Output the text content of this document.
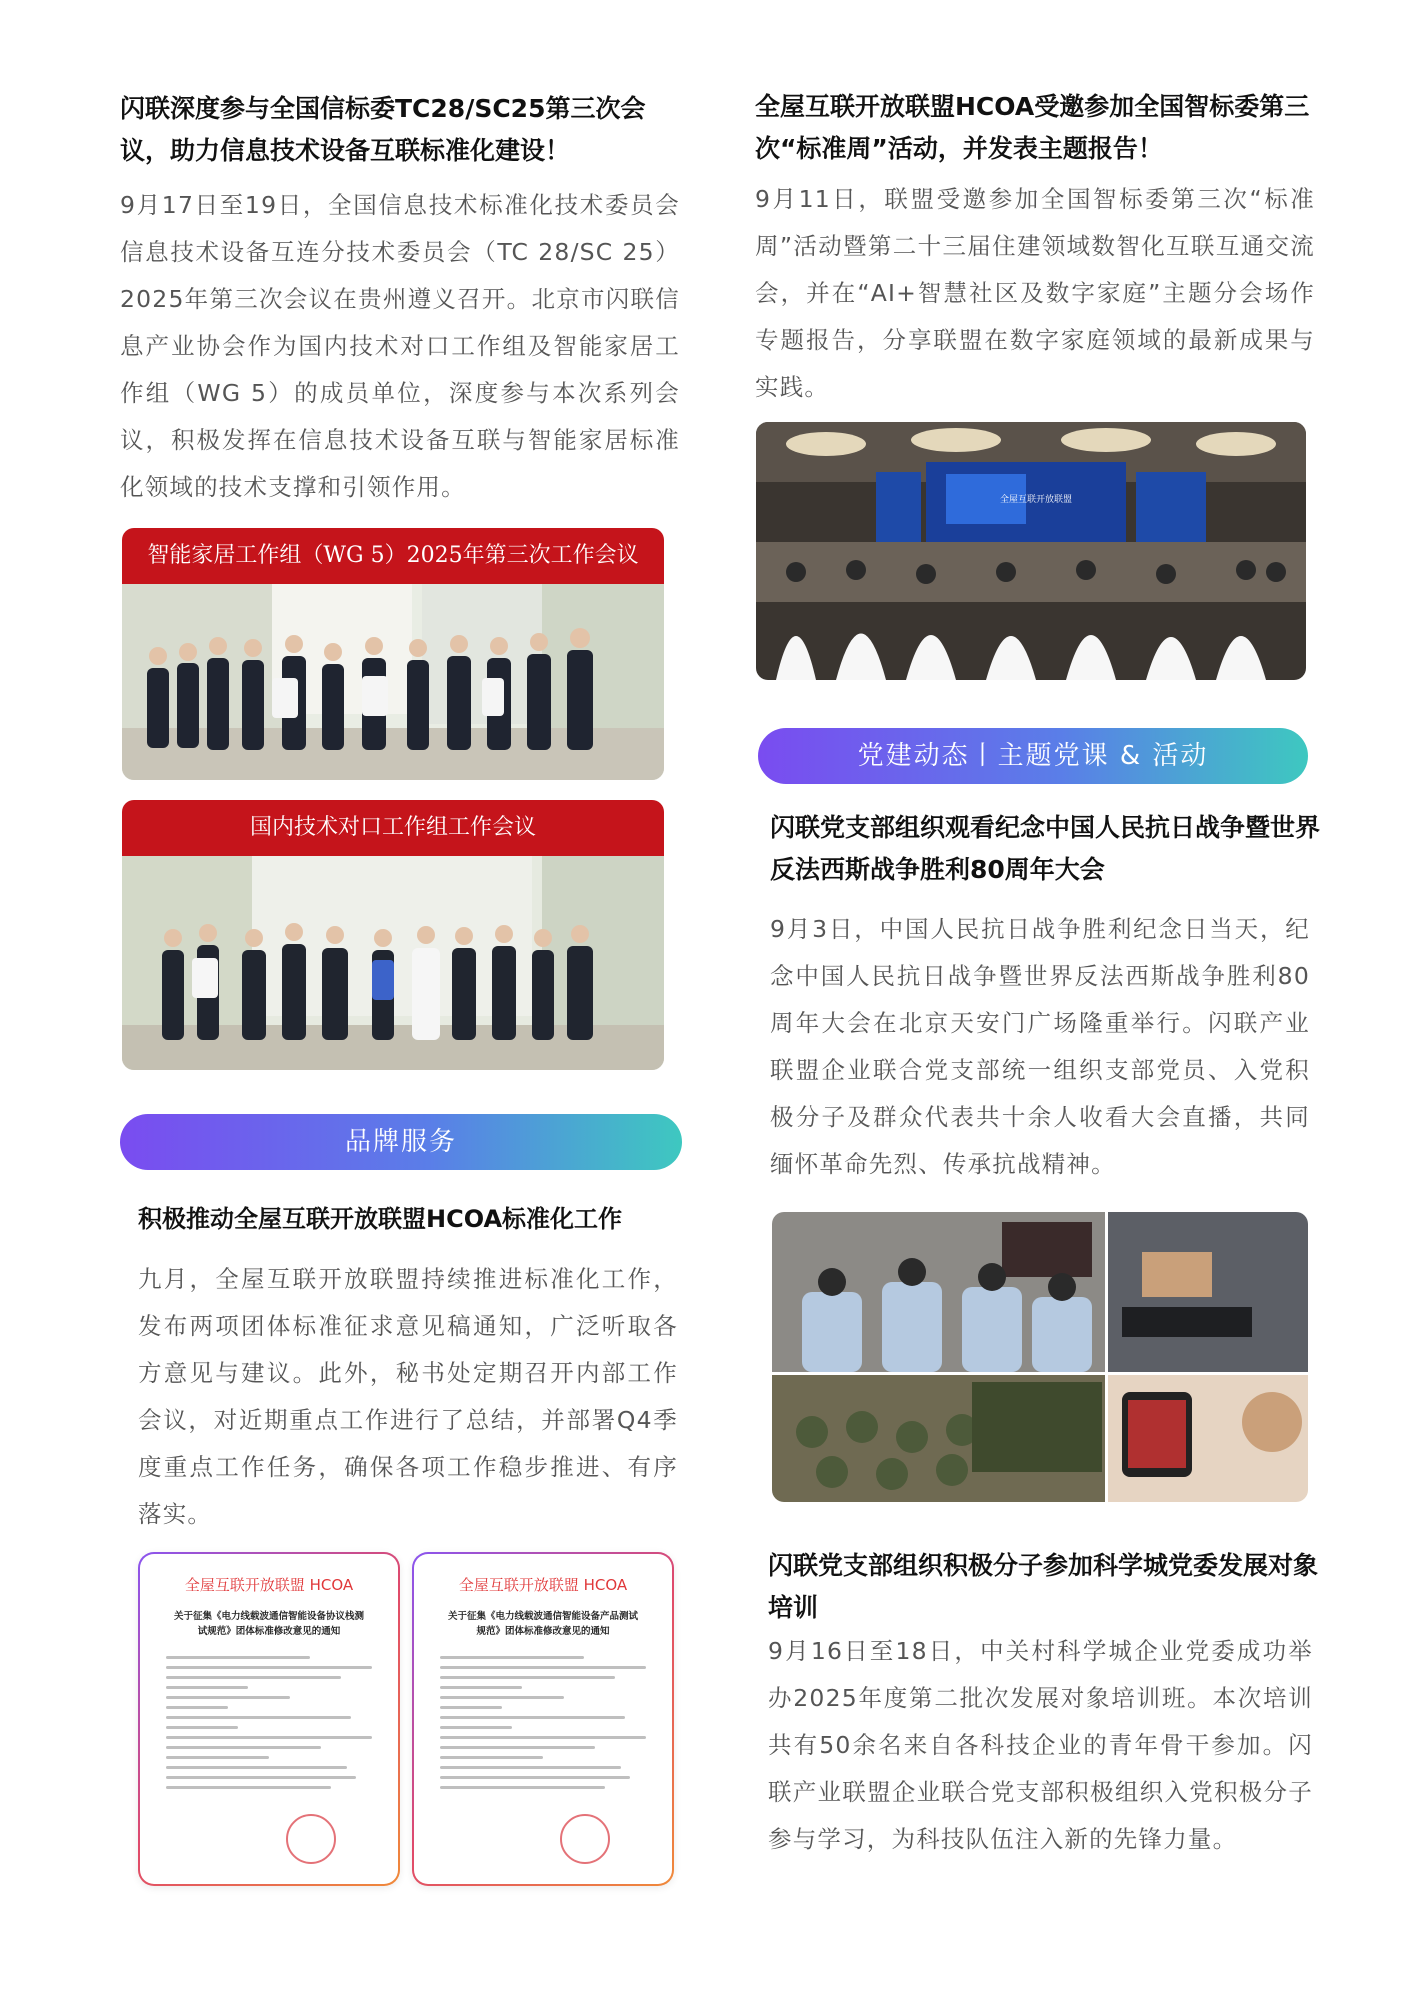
闪联深度参与全国信标委TC28/SC25第三次会议，助力信息技术设备互联标准化建设！

9月17日至19日，全国信息技术标准化技术委员会信息技术设备互连分技术委员会（TC 28/SC 25）2025年第三次会议在贵州遵义召开。北京市闪联信息产业协会作为国内技术对口工作组及智能家居工作组（WG 5）的成员单位，深度参与本次系列会议，积极发挥在信息技术设备互联与智能家居标准化领域的技术支撑和引领作用。

智能家居工作组（WG 5）2025年第三次工作会议
国内技术对口工作组工作会议
品牌服务
积极推动全屋互联开放联盟HCOA标准化工作

九月，全屋互联开放联盟持续推进标准化工作，发布两项团体标准征求意见稿通知，广泛听取各方意见与建议。此外，秘书处定期召开内部工作会议，对近期重点工作进行了总结，并部署Q4季度重点工作任务，确保各项工作稳步推进、有序落实。

全屋互联开放联盟 HCOA
关于征集《电力线载波通信智能设备协议栈测试规范》团体标准修改意见的通知
全屋互联开放联盟 HCOA
关于征集《电力线载波通信智能设备产品测试规范》团体标准修改意见的通知
全屋互联开放联盟HCOA受邀参加全国智标委第三次“标准周”活动，并发表主题报告！

9月11日，联盟受邀参加全国智标委第三次“标准周”活动暨第二十三届住建领域数智化互联互通交流会，并在“AI+智慧社区及数字家庭”主题分会场作专题报告，分享联盟在数字家庭领域的最新成果与实践。

全屋互联开放联盟
党建动态丨主题党课 & 活动
闪联党支部组织观看纪念中国人民抗日战争暨世界反法西斯战争胜利80周年大会

9月3日，中国人民抗日战争胜利纪念日当天，纪念中国人民抗日战争暨世界反法西斯战争胜利80周年大会在北京天安门广场隆重举行。闪联产业联盟企业联合党支部统一组织支部党员、入党积极分子及群众代表共十余人收看大会直播，共同缅怀革命先烈、传承抗战精神。

闪联党支部组织积极分子参加科学城党委发展对象培训

9月16日至18日，中关村科学城企业党委成功举办2025年度第二批次发展对象培训班。本次培训共有50余名来自各科技企业的青年骨干参加。闪联产业联盟企业联合党支部积极组织入党积极分子参与学习，为科技队伍注入新的先锋力量。
